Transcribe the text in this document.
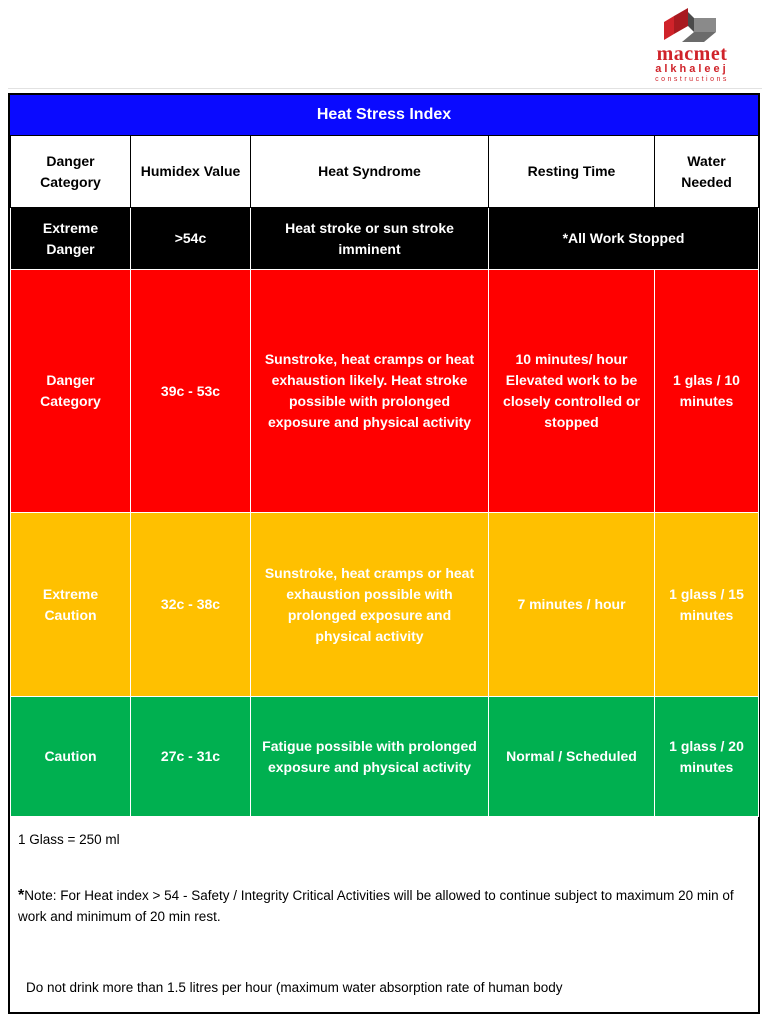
macmet
alkhaleej
constructions
Heat Stress Index
Danger Category	Humidex Value	Heat Syndrome	Resting Time	Water Needed
Extreme Danger	>54c	Heat stroke or sun stroke imminent	*All Work Stopped	
Danger Category	39c - 53c	Sunstroke, heat cramps or heat exhaustion likely. Heat stroke possible with prolonged exposure and physical activity	10 minutes/ hour Elevated work to be closely controlled or stopped	1 glas / 10 minutes
Extreme Caution	32c - 38c	Sunstroke, heat cramps or heat exhaustion possible with prolonged exposure and physical activity	7 minutes / hour	1 glass / 15 minutes
Caution	27c - 31c	Fatigue possible with prolonged exposure and physical activity	Normal / Scheduled	1 glass / 20 minutes
1 Glass = 250 ml
*Note: For Heat index > 54 - Safety / Integrity Critical Activities will be allowed to continue subject to maximum 20 min of work and minimum of 20 min rest.
Do not drink more than 1.5 litres per hour (maximum water absorption rate of human body
